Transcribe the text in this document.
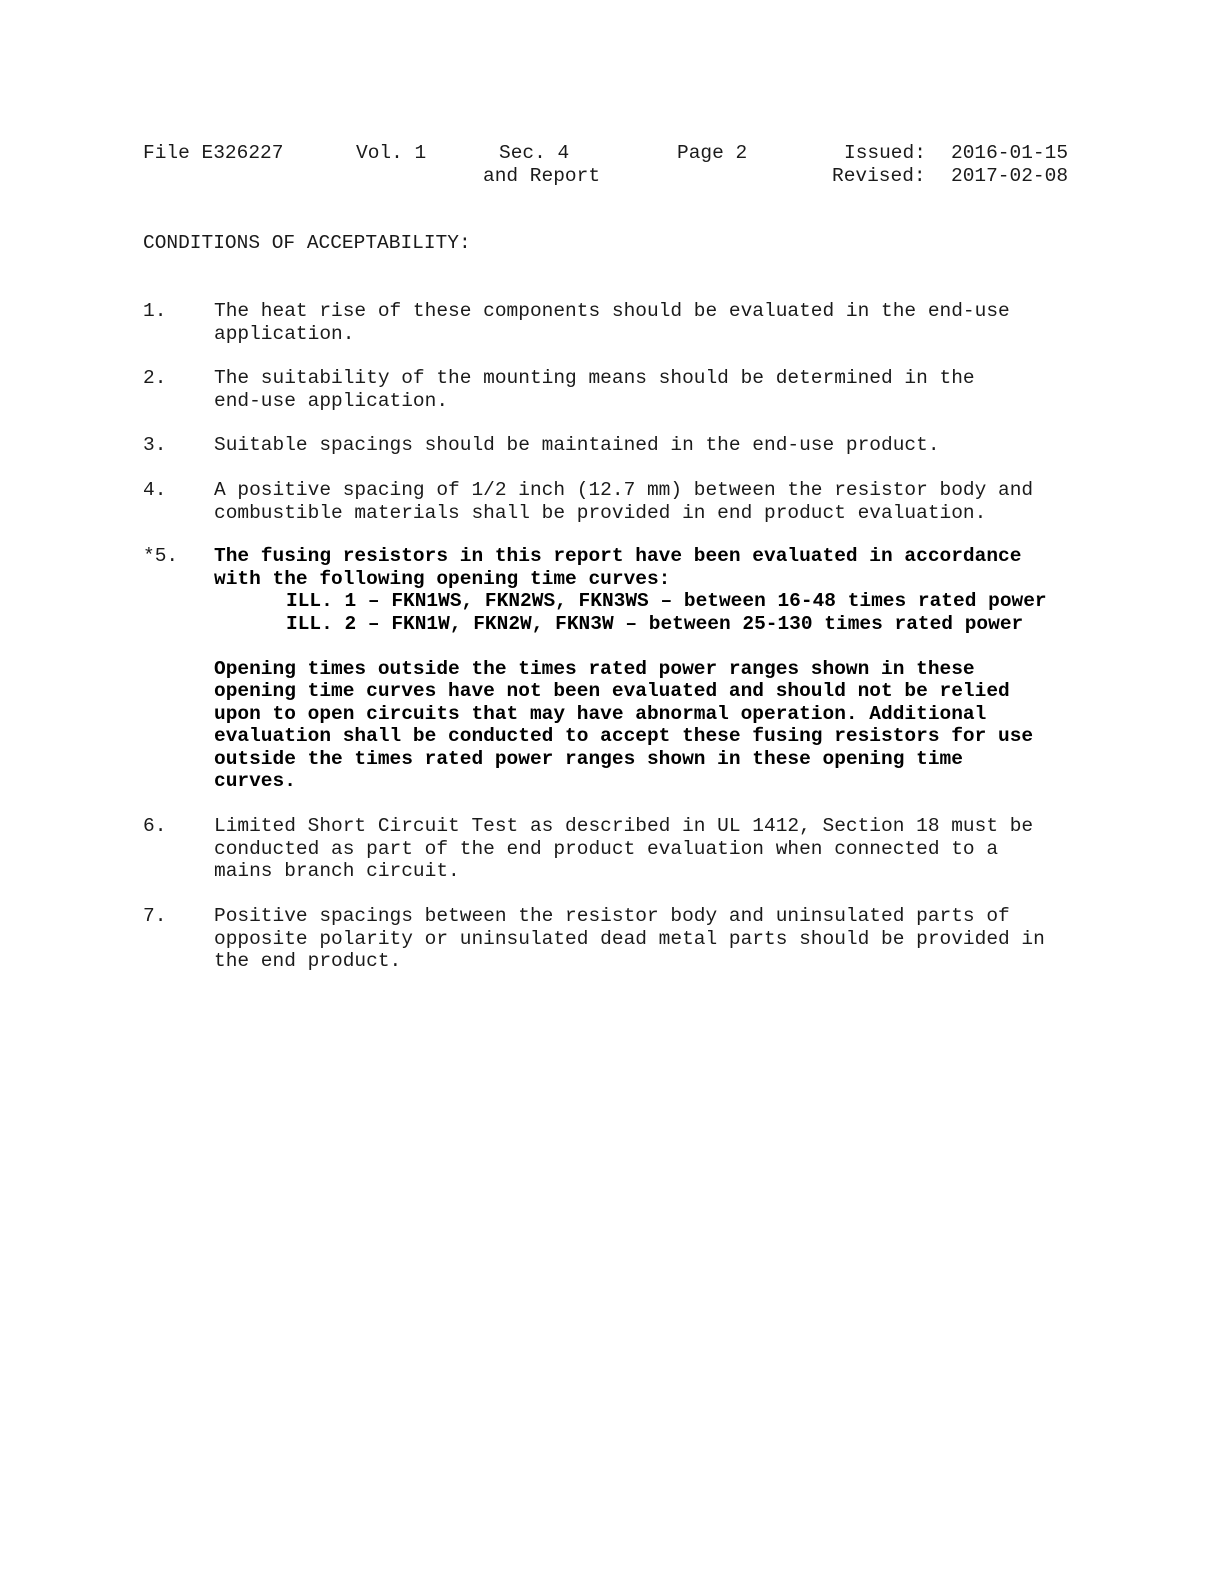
File E326227	Vol. 1	Sec. 4	Page 2	Issued: 2016-01-15
and Report	Revised: 2017-02-08
CONDITIONS OF ACCEPTABILITY:
1. The heat rise of these components should be evaluated in the end-use
application.
2. The suitability of the mounting means should be determined in the
end-use application.
3. Suitable spacings should be maintained in the end-use product.
4. A positive spacing of 1/2 inch (12.7 mm) between the resistor body and
combustible materials shall be provided in end product evaluation.
*5. The fusing resistors in this report have been evaluated in accordance
with the following opening time curves:
ILL. 1 – FKN1WS, FKN2WS, FKN3WS – between 16-48 times rated power
ILL. 2 – FKN1W, FKN2W, FKN3W – between 25-130 times rated power
Opening times outside the times rated power ranges shown in these
opening time curves have not been evaluated and should not be relied
upon to open circuits that may have abnormal operation. Additional
evaluation shall be conducted to accept these fusing resistors for use
outside the times rated power ranges shown in these opening time
curves.
6. Limited Short Circuit Test as described in UL 1412, Section 18 must be
conducted as part of the end product evaluation when connected to a
mains branch circuit.
7. Positive spacings between the resistor body and uninsulated parts of
opposite polarity or uninsulated dead metal parts should be provided in
the end product.
